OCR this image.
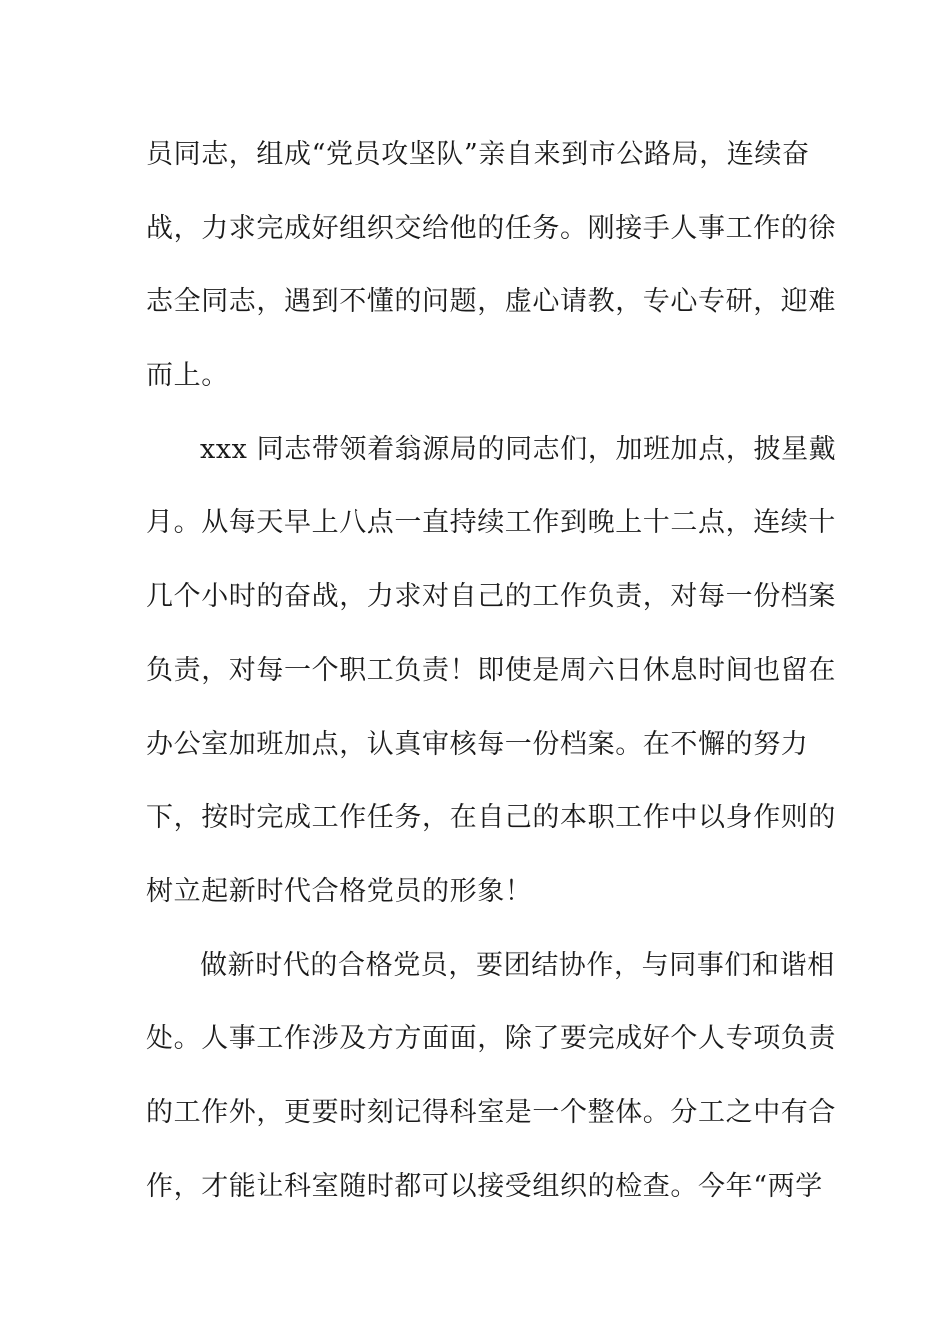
员同志，组成“党员攻坚队”亲自来到市公路局，连续奋
战，力求完成好组织交给他的任务。刚接手人事工作的徐
志全同志，遇到不懂的问题，虚心请教，专心专研，迎难
而上。
xxx 同志带领着翁源局的同志们，加班加点，披星戴
月。从每天早上八点一直持续工作到晚上十二点，连续十
几个小时的奋战，力求对自己的工作负责，对每一份档案
负责，对每一个职工负责！即使是周六日休息时间也留在
办公室加班加点，认真审核每一份档案。在不懈的努力
下，按时完成工作任务，在自己的本职工作中以身作则的
树立起新时代合格党员的形象！
做新时代的合格党员，要团结协作，与同事们和谐相
处。人事工作涉及方方面面，除了要完成好个人专项负责
的工作外，更要时刻记得科室是一个整体。分工之中有合
作，才能让科室随时都可以接受组织的检查。今年“两学
